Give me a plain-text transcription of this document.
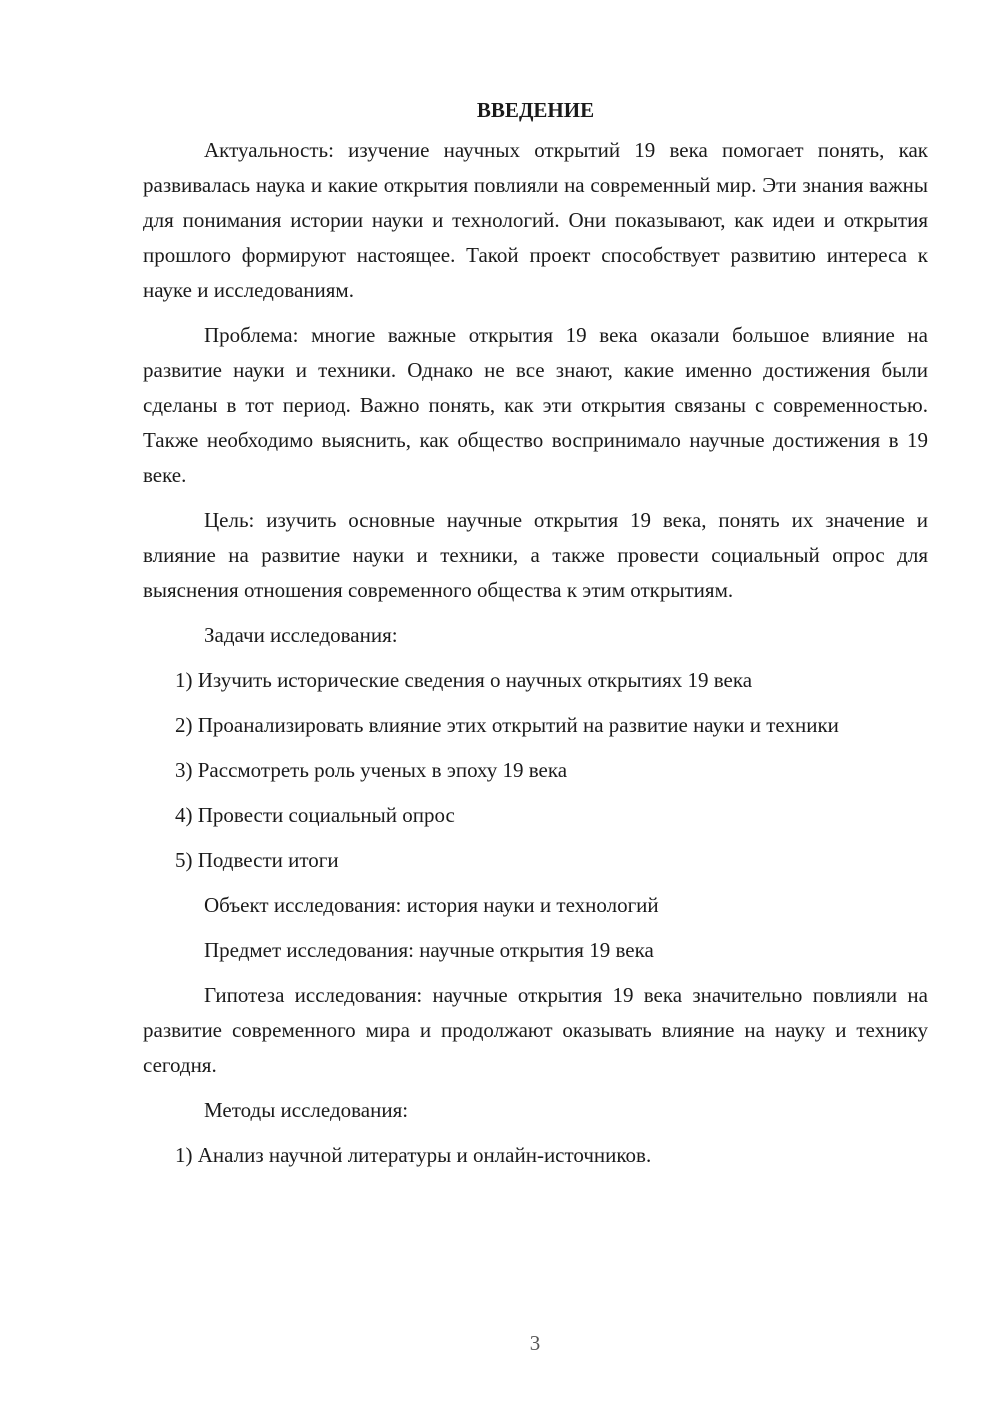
ВВЕДЕНИЕ

Актуальность: изучение научных открытий 19 века помогает понять, как развивалась наука и какие открытия повлияли на современный мир. Эти знания важны для понимания истории науки и технологий. Они показывают, как идеи и открытия прошлого формируют настоящее. Такой проект способствует развитию интереса к науке и исследованиям.

Проблема: многие важные открытия 19 века оказали большое влияние на развитие науки и техники. Однако не все знают, какие именно достижения были сделаны в тот период. Важно понять, как эти открытия связаны с современностью. Также необходимо выяснить, как общество воспринимало научные достижения в 19 веке.

Цель: изучить основные научные открытия 19 века, понять их значение и влияние на развитие науки и техники, а также провести социальный опрос для выяснения отношения современного общества к этим открытиям.

Задачи исследования:

1) Изучить исторические сведения о научных открытиях 19 века

2) Проанализировать влияние этих открытий на развитие науки и техники

3) Рассмотреть роль ученых в эпоху 19 века

4) Провести социальный опрос

5) Подвести итоги

Объект исследования: история науки и технологий

Предмет исследования: научные открытия 19 века

Гипотеза исследования: научные открытия 19 века значительно повлияли на развитие современного мира и продолжают оказывать влияние на науку и технику сегодня.

Методы исследования:

1) Анализ научной литературы и онлайн-источников.

3
